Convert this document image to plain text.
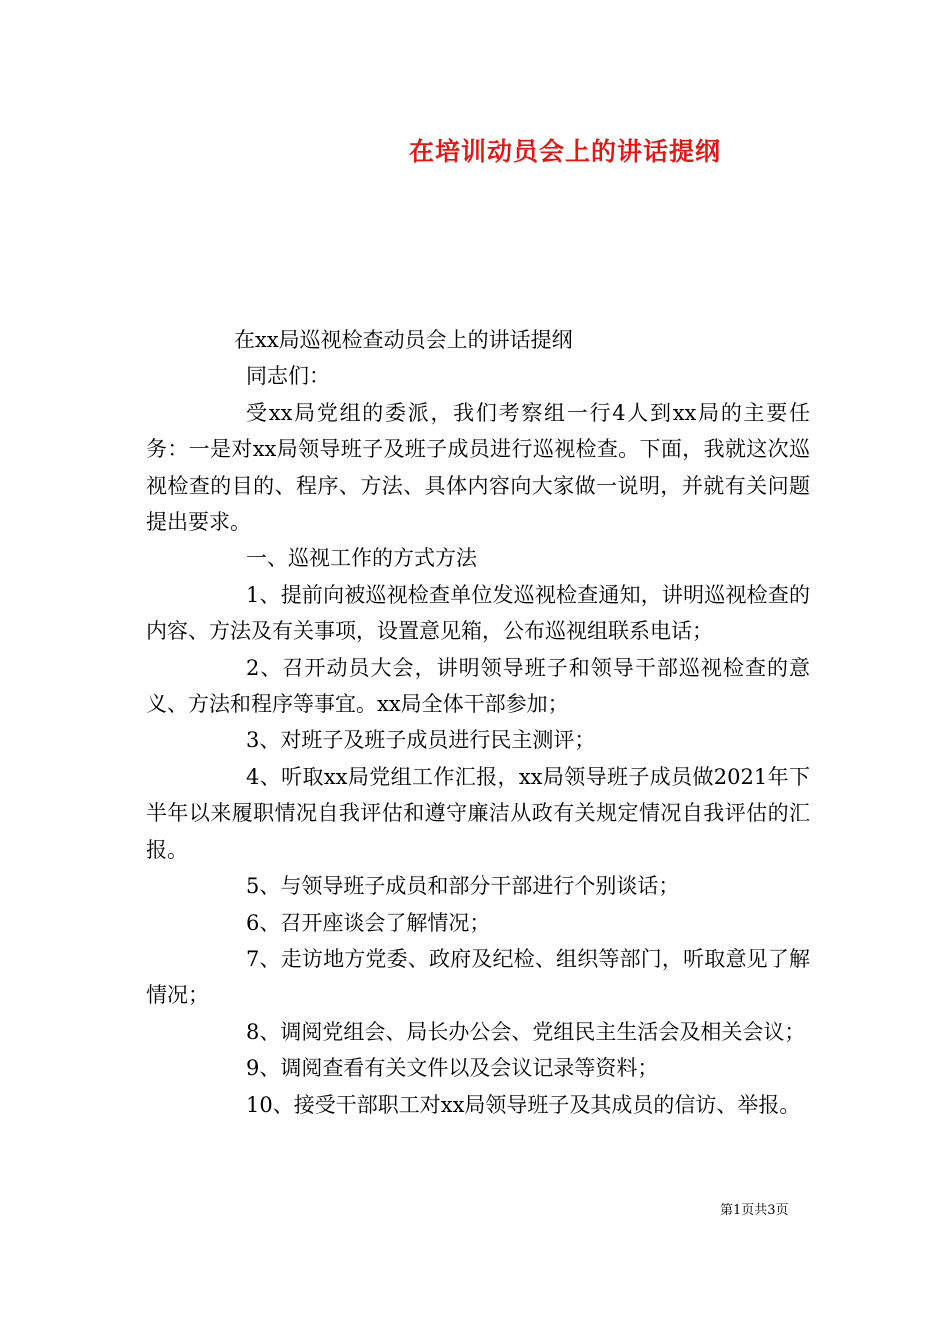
在培训动员会上的讲话提纲

在xx局巡视检查动员会上的讲话提纲

同志们：

受xx局党组的委派，我们考察组一行4人到xx局的主要任务：一是对xx局领导班子及班子成员进行巡视检查。下面，我就这次巡视检查的目的、程序、方法、具体内容向大家做一说明，并就有关问题提出要求。

一、巡视工作的方式方法

1、提前向被巡视检查单位发巡视检查通知，讲明巡视检查的内容、方法及有关事项，设置意见箱，公布巡视组联系电话；

2、召开动员大会，讲明领导班子和领导干部巡视检查的意义、方法和程序等事宜。xx局全体干部参加；

3、对班子及班子成员进行民主测评；

4、听取xx局党组工作汇报，xx局领导班子成员做2021年下半年以来履职情况自我评估和遵守廉洁从政有关规定情况自我评估的汇报。

5、与领导班子成员和部分干部进行个别谈话；

6、召开座谈会了解情况；

7、走访地方党委、政府及纪检、组织等部门，听取意见了解情况；

8、调阅党组会、局长办公会、党组民主生活会及相关会议；

9、调阅查看有关文件以及会议记录等资料；

10、接受干部职工对xx局领导班子及其成员的信访、举报。

第1页共3页
